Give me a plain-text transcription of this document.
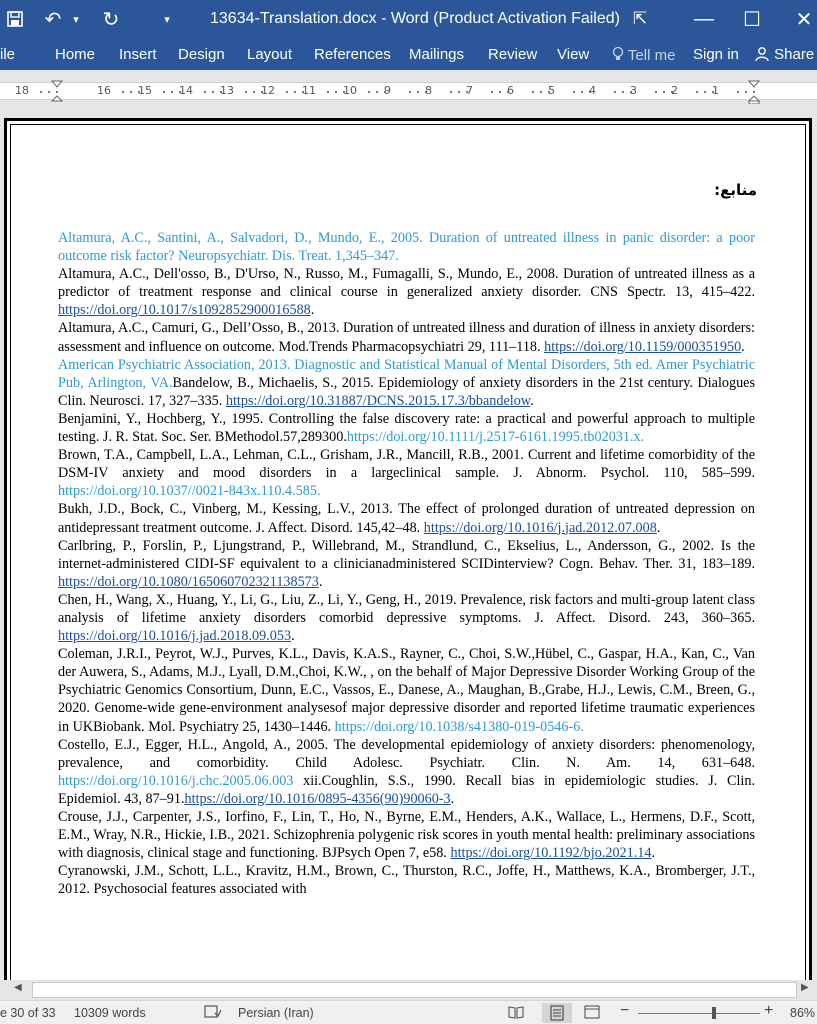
↶	▾ ↻	▾	13634-Translation.docx - Word (Product Activation Failed) ⇱	—	☐	✕
ile	Home Insert Design Layout References Mailings Review View	Tell me Sign in	Share
18	16 15 14 13 12 11 10 9	8	7	6	5	4	3	2	1
منابع:
Altamura, A.C., Santini, A., Salvadori, D., Mundo, E., 2005. Duration of untreated illness in panic disorder: a poor outcome risk factor? Neuropsychiatr. Dis. Treat. 1,345–347.
Altamura, A.C., Dell'osso, B., D'Urso, N., Russo, M., Fumagalli, S., Mundo, E., 2008. Duration of untreated illness as a predictor of treatment response and clinical course in generalized anxiety disorder. CNS Spectr. 13, 415–422. https://doi.org/10.1017/s1092852900016588.
Altamura, A.C., Camuri, G., Dell’Osso, B., 2013. Duration of untreated illness and duration of illness in anxiety disorders: assessment and influence on outcome. Mod.Trends Pharmacopsychiatri 29, 111–118. https://doi.org/10.1159/000351950.
American Psychiatric Association, 2013. Diagnostic and Statistical Manual of Mental Disorders, 5th ed. Amer Psychiatric Pub, Arlington, VA.Bandelow, B., Michaelis, S., 2015. Epidemiology of anxiety disorders in the 21st century. Dialogues Clin. Neurosci. 17, 327–335. https://doi.org/10.31887/DCNS.2015.17.3/bbandelow.
Benjamini, Y., Hochberg, Y., 1995. Controlling the false discovery rate: a practical and powerful approach to multiple testing. J. R. Stat. Soc. Ser. BMethodol.57,289300.https://doi.org/10.1111/j.2517-6161.1995.tb02031.x.
Brown, T.A., Campbell, L.A., Lehman, C.L., Grisham, J.R., Mancill, R.B., 2001. Current and lifetime comorbidity of the DSM-IV anxiety and mood disorders in a largeclinical sample. J. Abnorm. Psychol. 110, 585–599. https://doi.org/10.1037//0021-843x.110.4.585.
Bukh, J.D., Bock, C., Vinberg, M., Kessing, L.V., 2013. The effect of prolonged duration of untreated depression on antidepressant treatment outcome. J. Affect. Disord. 145,42–48. https://doi.org/10.1016/j.jad.2012.07.008.
Carlbring, P., Forslin, P., Ljungstrand, P., Willebrand, M., Strandlund, C., Ekselius, L., Andersson, G., 2002. Is the internet-administered CIDI-SF equivalent to a clinicianadministered SCIDinterview? Cogn. Behav. Ther. 31, 183–189. https://doi.org/10.1080/165060702321138573.
Chen, H., Wang, X., Huang, Y., Li, G., Liu, Z., Li, Y., Geng, H., 2019. Prevalence, risk factors and multi-group latent class analysis of lifetime anxiety disorders comorbid depressive symptoms. J. Affect. Disord. 243, 360–365. https://doi.org/10.1016/j.jad.2018.09.053.
Coleman, J.R.I., Peyrot, W.J., Purves, K.L., Davis, K.A.S., Rayner, C., Choi, S.W.,Hübel, C., Gaspar, H.A., Kan, C., Van der Auwera, S., Adams, M.J., Lyall, D.M.,Choi, K.W., , on the behalf of Major Depressive Disorder Working Group of the Psychiatric Genomics Consortium, Dunn, E.C., Vassos, E., Danese, A., Maughan, B.,Grabe, H.J., Lewis, C.M., Breen, G., 2020. Genome-wide gene-environment analysesof major depressive disorder and reported lifetime traumatic experiences in UKBiobank. Mol. Psychiatry 25, 1430–1446. https://doi.org/10.1038/s41380-019-0546-6.
Costello, E.J., Egger, H.L., Angold, A., 2005. The developmental epidemiology of anxiety disorders: phenomenology, prevalence, and comorbidity. Child Adolesc. Psychiatr. Clin. N. Am. 14, 631–648. https://doi.org/10.1016/j.chc.2005.06.003 xii.Coughlin, S.S., 1990. Recall bias in epidemiologic studies. J. Clin. Epidemiol. 43, 87–91.https://doi.org/10.1016/0895-4356(90)90060-3.
Crouse, J.J., Carpenter, J.S., Iorfino, F., Lin, T., Ho, N., Byrne, E.M., Henders, A.K., Wallace, L., Hermens, D.F., Scott, E.M., Wray, N.R., Hickie, I.B., 2021. Schizophrenia polygenic risk scores in youth mental health: preliminary associations with diagnosis, clinical stage and functioning. BJPsych Open 7, e58. https://doi.org/10.1192/bjo.2021.14.
Cyranowski, J.M., Schott, L.L., Kravitz, H.M., Brown, C., Thurston, R.C., Joffe, H., Matthews, K.A., Bromberger, J.T., 2012. Psychosocial features associated with
◀	▶
e 30 of 33 10309 words	Persian (Iran)	−	+ 86%
